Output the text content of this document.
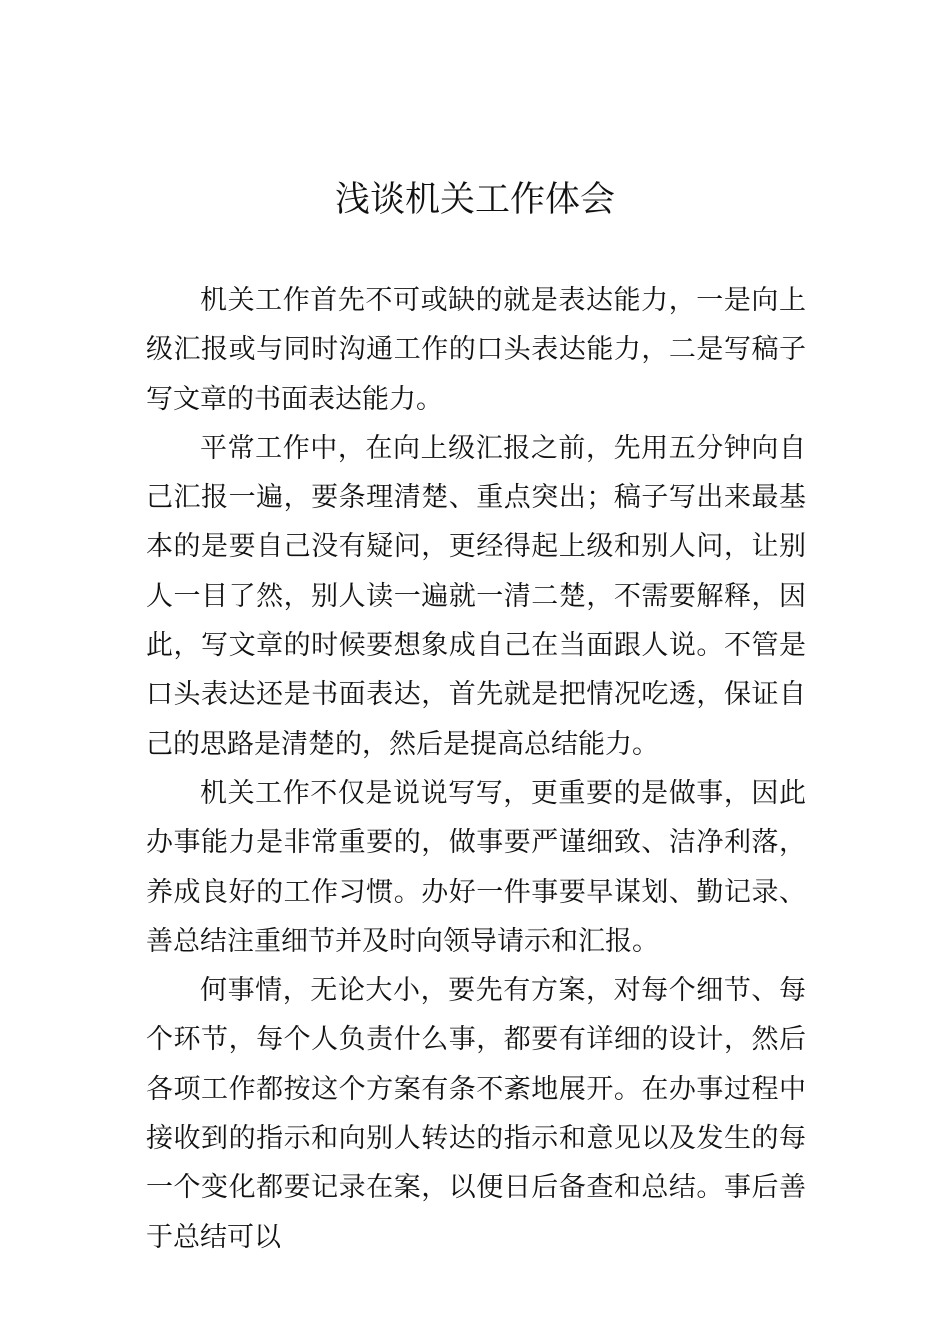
浅谈机关工作体会

机关工作首先不可或缺的就是表达能力，一是向上级汇报或与同时沟通工作的口头表达能力，二是写稿子写文章的书面表达能力。

平常工作中，在向上级汇报之前，先用五分钟向自己汇报一遍，要条理清楚、重点突出；稿子写出来最基本的是要自己没有疑问，更经得起上级和别人问，让别人一目了然，别人读一遍就一清二楚，不需要解释，因此，写文章的时候要想象成自己在当面跟人说。不管是口头表达还是书面表达，首先就是把情况吃透，保证自己的思路是清楚的，然后是提高总结能力。

机关工作不仅是说说写写，更重要的是做事，因此办事能力是非常重要的，做事要严谨细致、洁净利落，养成良好的工作习惯。办好一件事要早谋划、勤记录、善总结注重细节并及时向领导请示和汇报。

何事情，无论大小，要先有方案，对每个细节、每个环节，每个人负责什么事，都要有详细的设计，然后各项工作都按这个方案有条不紊地展开。在办事过程中接收到的指示和向别人转达的指示和意见以及发生的每一个变化都要记录在案，以便日后备查和总结。事后善于总结可以
